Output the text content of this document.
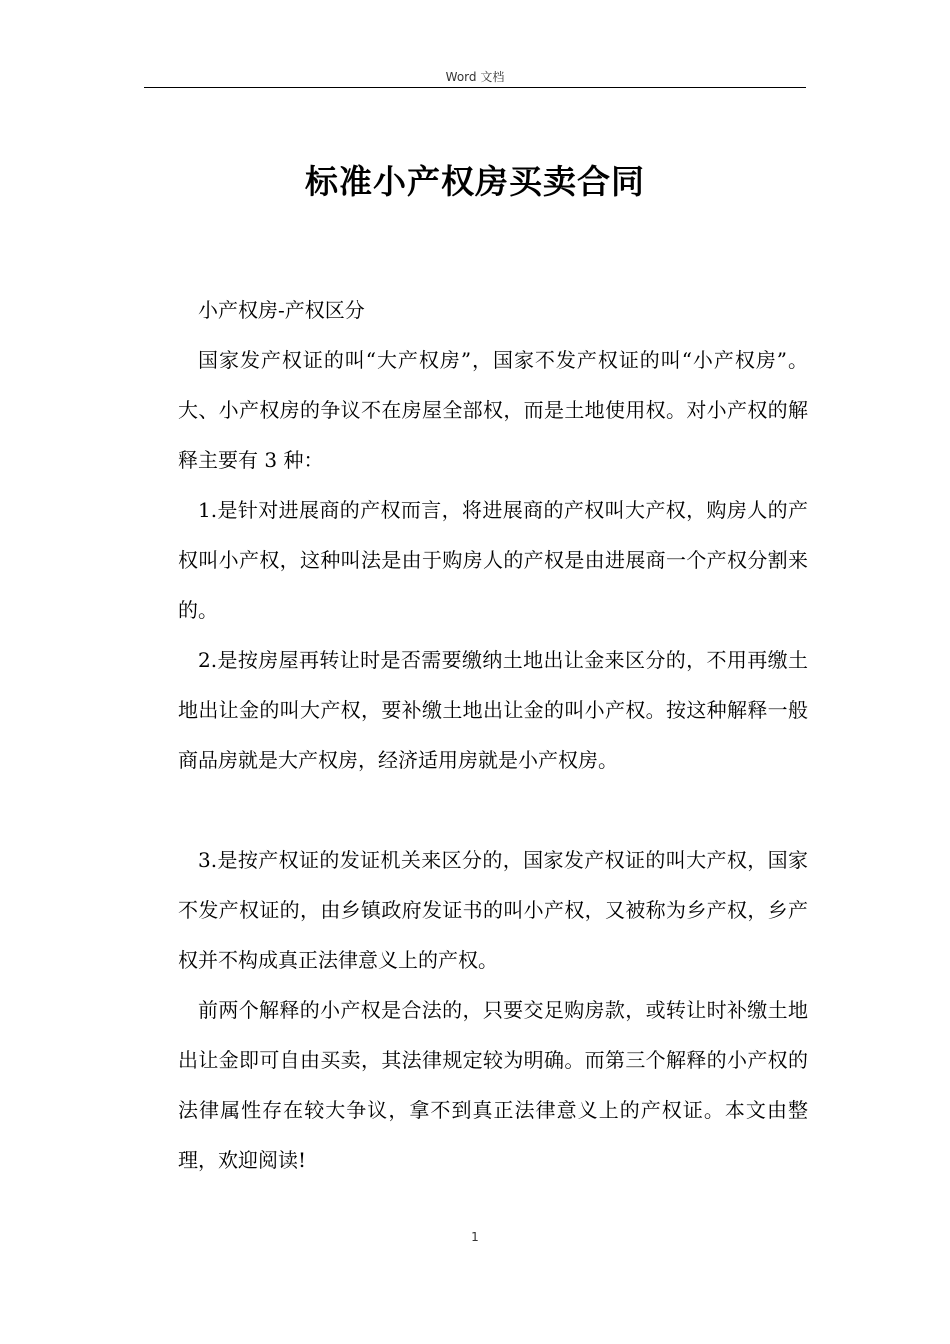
Word 文档
标准小产权房买卖合同

小产权房-产权区分

国家发产权证的叫“大产权房”，国家不发产权证的叫“小产权房”。大、小产权房的争议不在房屋全部权，而是土地使用权。对小产权的解释主要有 3 种：

1.是针对进展商的产权而言，将进展商的产权叫大产权，购房人的产权叫小产权，这种叫法是由于购房人的产权是由进展商一个产权分割来的。

2.是按房屋再转让时是否需要缴纳土地出让金来区分的，不用再缴土地出让金的叫大产权，要补缴土地出让金的叫小产权。按这种解释一般商品房就是大产权房，经济适用房就是小产权房。

3.是按产权证的发证机关来区分的，国家发产权证的叫大产权，国家不发产权证的，由乡镇政府发证书的叫小产权，又被称为乡产权，乡产权并不构成真正法律意义上的产权。

前两个解释的小产权是合法的，只要交足购房款，或转让时补缴土地出让金即可自由买卖，其法律规定较为明确。而第三个解释的小产权的法律属性存在较大争议，拿不到真正法律意义上的产权证。本文由整理，欢迎阅读!

1
